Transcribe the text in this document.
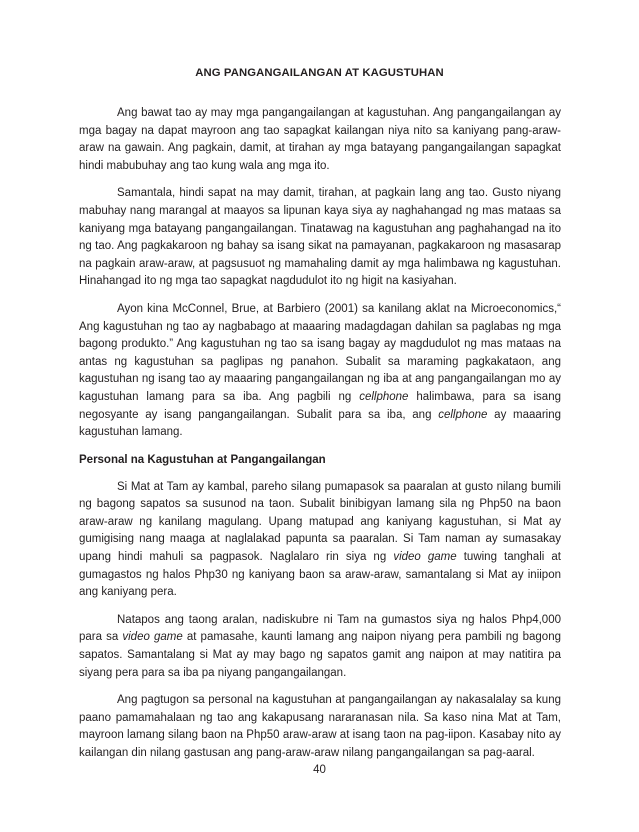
ANG PANGANGAILANGAN AT KAGUSTUHAN

Ang bawat tao ay may mga pangangailangan at kagustuhan. Ang pangangailangan ay mga bagay na dapat mayroon ang tao sapagkat kailangan niya nito sa kaniyang pang-araw-araw na gawain. Ang pagkain, damit, at tirahan ay mga batayang pangangailangan sapagkat hindi mabubuhay ang tao kung wala ang mga ito.

Samantala, hindi sapat na may damit, tirahan, at pagkain lang ang tao. Gusto niyang mabuhay nang marangal at maayos sa lipunan kaya siya ay naghahangad ng mas mataas sa kaniyang mga batayang pangangailangan. Tinatawag na kagustuhan ang paghahangad na ito ng tao. Ang pagkakaroon ng bahay sa isang sikat na pamayanan, pagkakaroon ng masasarap na pagkain araw-araw, at pagsusuot ng mamahaling damit ay mga halimbawa ng kagustuhan. Hinahangad ito ng mga tao sapagkat nagdudulot ito ng higit na kasiyahan.

Ayon kina McConnel, Brue, at Barbiero (2001) sa kanilang aklat na Microeconomics,“ Ang kagustuhan ng tao ay nagbabago at maaaring madagdagan dahilan sa paglabas ng mga bagong produkto.” Ang kagustuhan ng tao sa isang bagay ay magdudulot ng mas mataas na antas ng kagustuhan sa paglipas ng panahon. Subalit sa maraming pagkakataon, ang kagustuhan ng isang tao ay maaaring pangangailangan ng iba at ang pangangailangan mo ay kagustuhan lamang para sa iba. Ang pagbili ng cellphone halimbawa, para sa isang negosyante ay isang pangangailangan. Subalit para sa iba, ang cellphone ay maaaring kagustuhan lamang.

Personal na Kagustuhan at Pangangailangan

Si Mat at Tam ay kambal, pareho silang pumapasok sa paaralan at gusto nilang bumili ng bagong sapatos sa susunod na taon. Subalit binibigyan lamang sila ng Php50 na baon araw-araw ng kanilang magulang. Upang matupad ang kaniyang kagustuhan, si Mat ay gumigising nang maaga at naglalakad papunta sa paaralan. Si Tam naman ay sumasakay upang hindi mahuli sa pagpasok. Naglalaro rin siya ng video game tuwing tanghali at gumagastos ng halos Php30 ng kaniyang baon sa araw-araw, samantalang si Mat ay iniipon ang kaniyang pera.

Natapos ang taong aralan, nadiskubre ni Tam na gumastos siya ng halos Php4,000 para sa video game at pamasahe, kaunti lamang ang naipon niyang pera pambili ng bagong sapatos. Samantalang si Mat ay may bago ng sapatos gamit ang naipon at may natitira pa siyang pera para sa iba pa niyang pangangailangan.

Ang pagtugon sa personal na kagustuhan at pangangailangan ay nakasalalay sa kung paano pamamahalaan ng tao ang kakapusang nararanasan nila. Sa kaso nina Mat at Tam, mayroon lamang silang baon na Php50 araw-araw at isang taon na pag-iipon. Kasabay nito ay kailangan din nilang gastusan ang pang-araw-araw nilang pangangailangan sa pag-aaral.

40
